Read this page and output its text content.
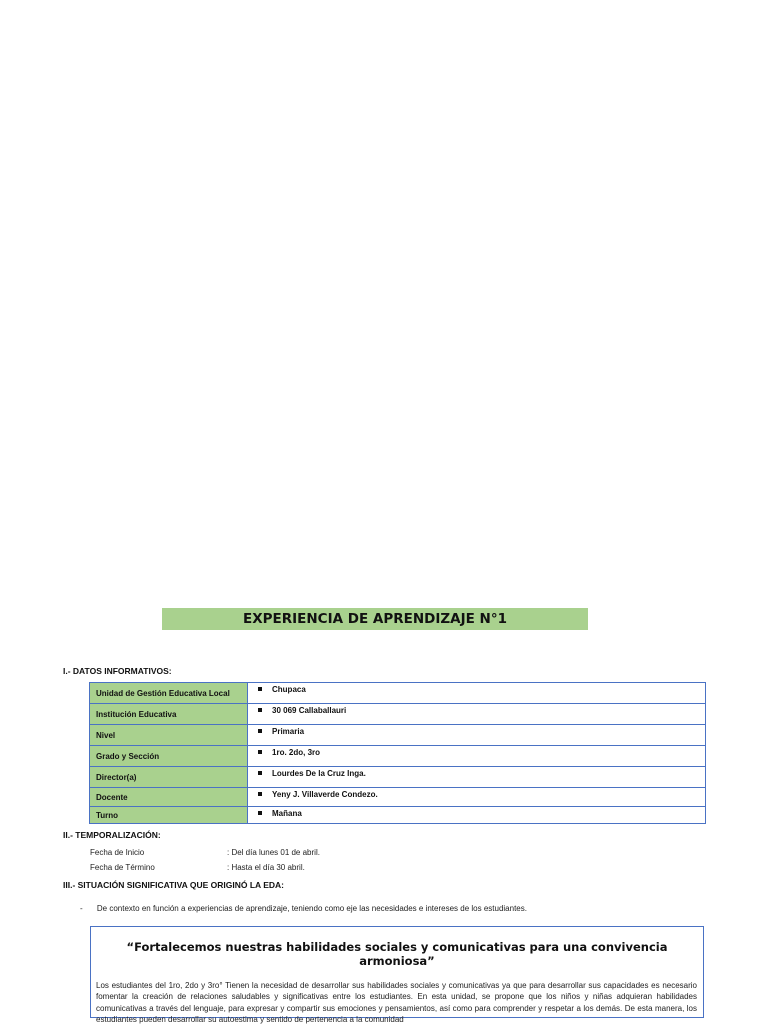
EXPERIENCIA DE APRENDIZAJE N°1
I.- DATOS INFORMATIVOS:
Unidad de Gestión Educativa Local	Chupaca
Institución Educativa	30 069 Callaballauri
Nivel	Primaria
Grado y Sección	1ro. 2do, 3ro
Director(a)	Lourdes De la Cruz Inga.
Docente	Yeny J. Villaverde Condezo.
Turno	Mañana
II.- TEMPORALIZACIÓN:
Fecha de Inicio	: Del día lunes 01 de abril.
Fecha de Término	: Hasta el día 30 abril.
III.- SITUACIÓN SIGNIFICATIVA QUE ORIGINÓ LA EDA:
- De contexto en función a experiencias de aprendizaje, teniendo como eje las necesidades e intereses de los estudiantes.
“Fortalecemos nuestras habilidades sociales y comunicativas para una convivencia armoniosa”
Los estudiantes del 1ro, 2do y 3ro° Tienen la necesidad de desarrollar sus habilidades sociales y comunicativas ya que para desarrollar sus capacidades es necesario fomentar la creación de relaciones saludables y significativas entre los estudiantes. En esta unidad, se propone que los niños y niñas adquieran habilidades comunicativas a través del lenguaje, para expresar y compartir sus emociones y pensamientos, así como para comprender y respetar a los demás. De esta manera, los estudiantes pueden desarrollar su autoestima y sentido de pertenencia a la comunidad
